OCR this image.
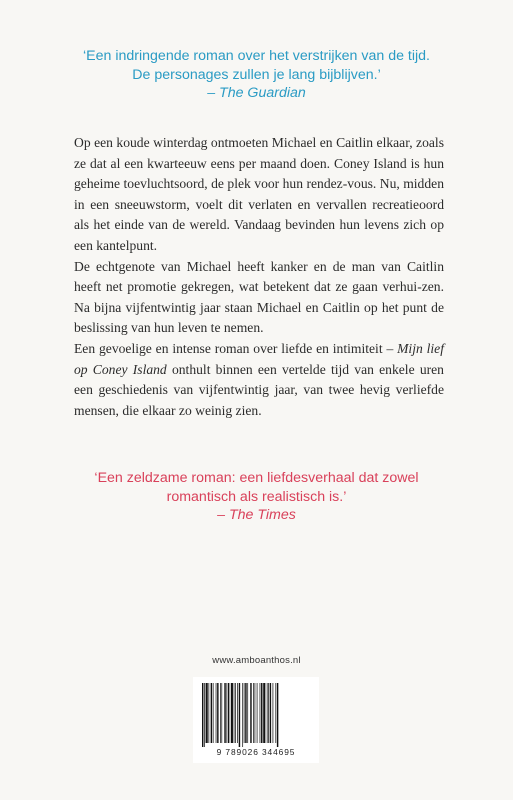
‘Een indringende roman over het verstrijken van de tijd.
De personages zullen je lang bijblijven.’
– The Guardian

Op een koude winterdag ontmoeten Michael en Caitlin elkaar, zoals ze dat al een kwarteeuw eens per maand doen. Coney Island is hun geheime toevluchtsoord, de plek voor hun rendez-vous. Nu, midden in een sneeuwstorm, voelt dit verlaten en vervallen recreatieoord als het einde van de wereld. Vandaag bevinden hun levens zich op een kantelpunt.

De echtgenote van Michael heeft kanker en de man van Caitlin heeft net promotie gekregen, wat betekent dat ze gaan verhui-zen. Na bijna vijfentwintig jaar staan Michael en Caitlin op het punt de beslissing van hun leven te nemen.

Een gevoelige en intense roman over liefde en intimiteit – Mijn lief op Coney Island onthult binnen een vertelde tijd van enkele uren een geschiedenis van vijfentwintig jaar, van twee hevig verliefde mensen, die elkaar zo weinig zien.

‘Een zeldzame roman: een liefdesverhaal dat zowel
romantisch als realistisch is.’
– The Times
www.amboanthos.nl
9 789026 344695
